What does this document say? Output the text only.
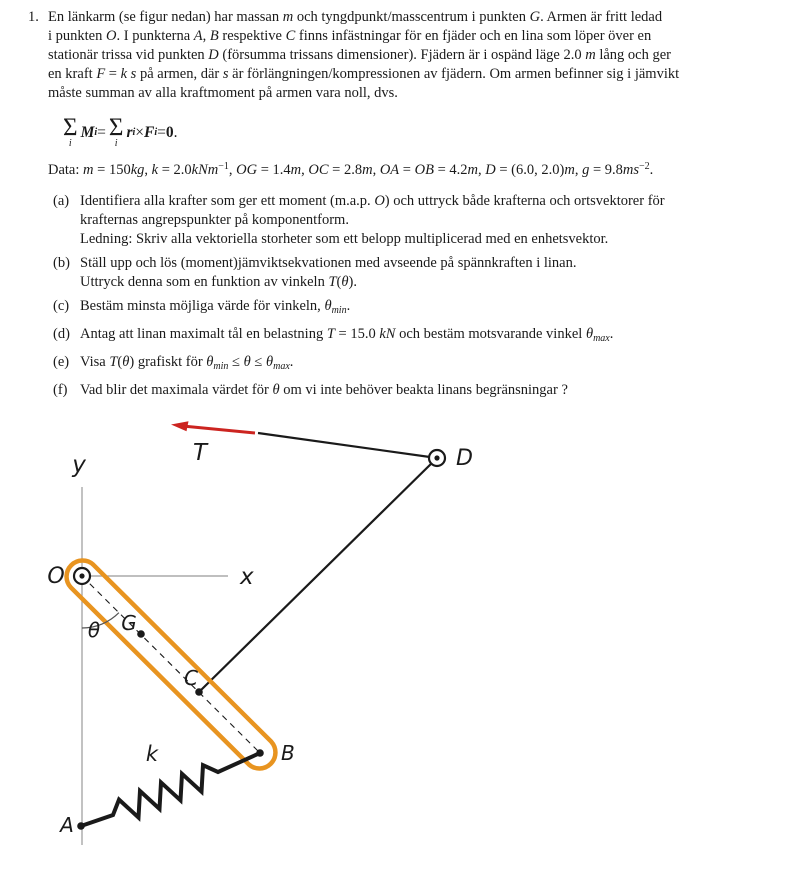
1. En länkarm (se figur nedan) har massan m och tyngdpunkt/masscentrum i punkten G. Armen är fritt ledad
i punkten O. I punkterna A, B respektive C finns infästningar för en fjäder och en lina som löper över en
stationär trissa vid punkten D (försumma trissans dimensioner). Fjädern är i ospänd läge 2.0 m lång och ger
en kraft F = k s på armen, där s är förlängningen/kompressionen av fjädern. Om armen befinner sig i jämvikt
måste summan av alla kraftmoment på armen vara noll, dvs.
Σ
i
M i = Σ
i
r i × F i = 0 .
Data: m = 150kg, k = 2.0kNm$^{-1}$, OG = 1.4m, OC = 2.8m, OA = OB = 4.2m, D = (6.0, 2.0)m, $g = 9.8ms^{-2}$.
(a) Identifiera alla krafter som ger ett moment (m.a.p. O) och uttryck både krafterna och ortsvektorer för
krafternas angrepspunkter på komponentform.
Ledning: Skriv alla vektoriella storheter som ett belopp multiplicerad med en enhetsvektor.
(b) Ställ upp och lös (moment)jämviktsekvationen med avseende på spännkraften i linan.
Uttryck denna som en funktion av vinkeln T(θ).
(c) Bestäm minsta möjliga värde för vinkeln, $\theta_{min}$.
(d) Antag att linan maximalt tål en belastning T = 15.0 kN och bestäm motsvarande vinkel $\theta_{max}$.
(e) Visa T(θ) grafiskt för $\theta_{min} \le \theta \le \theta_{max}$.
(f) Vad blir det maximala värdet för θ om vi inte behöver beakta linans begränsningar ?
y
x
T
θ
k
G
C
B
A
O
D
